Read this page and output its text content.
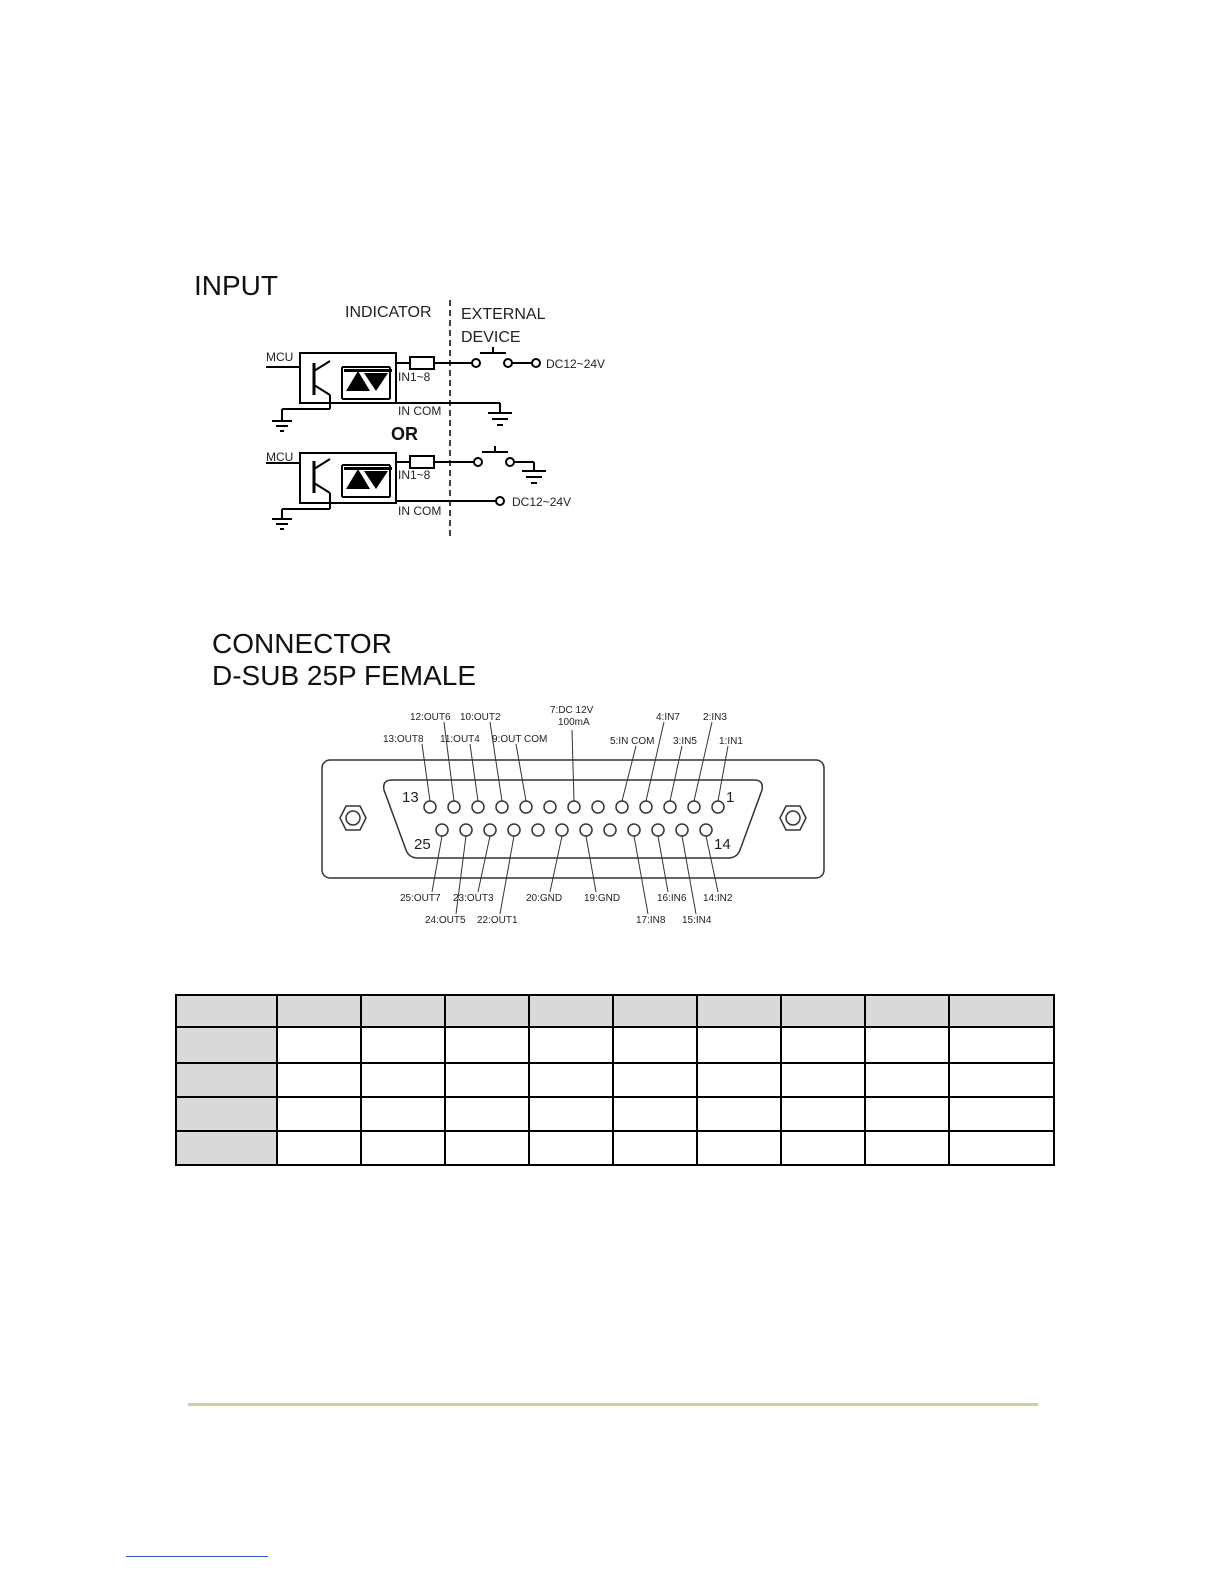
INPUT
INDICATOR EXTERNAL
DEVICE
MCU
IN1~8
IN COM
DC12~24V
OR
MCU
IN1~8
IN COM
DC12~24V
CONNECTOR
D-SUB 25P FEMALE
13	1
25	14
12:OUT6 10:OUT2
7:DC 12V
100mA	4:IN7 2:IN3
13:OUT8 11:OUT4 9:OUT COM	5:IN COM 3:IN5 1:IN1
25:OUT7 23:OUT3	20:GND 19:GND	16:IN6 14:IN2
24:OUT5 22:OUT1	17:IN8 15:IN4
